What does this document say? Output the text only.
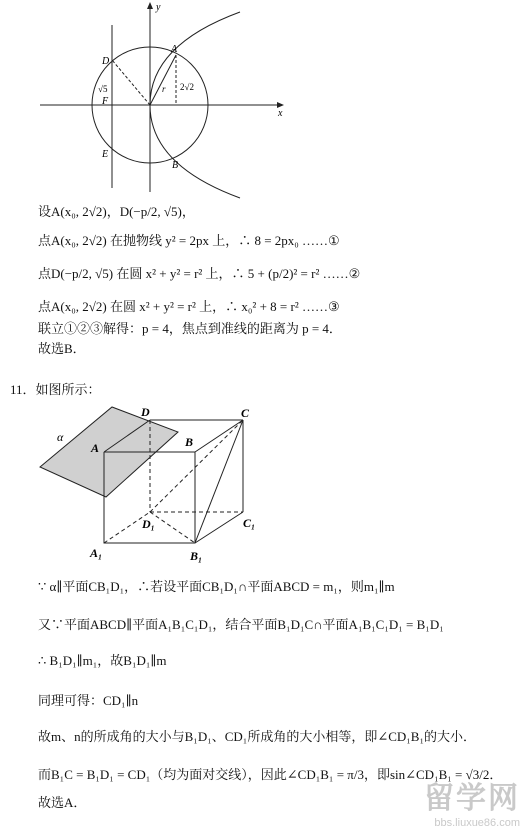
y
x
A
B
D
E
F
r
√5	2√2
设A(x₀, 2√2)，D(−p/2, √5)，
点A(x₀, 2√2) 在抛物线 y² = 2px 上，∴ 8 = 2px₀ ……①
点D(−p/2, √5) 在圆 x² + y² = r² 上，∴ 5 + (p/2)² = r² ……②
点A(x₀, 2√2) 在圆 x² + y² = r² 上，∴ x₀² + 8 = r² ……③
联立①②③解得：p = 4，焦点到准线的距离为 p = 4．
故选B．
11．如图所示：
α
A	B
C
D
A₁	B₁
C₁
D₁
∵ α∥平面CB₁D₁，∴若设平面CB₁D₁∩平面ABCD = m₁，则m₁∥m
又∵平面ABCD∥平面A₁B₁C₁D₁，结合平面B₁D₁C∩平面A₁B₁C₁D₁ = B₁D₁
∴ B₁D₁∥m₁，故B₁D₁∥m
同理可得：CD₁∥n
故m、n的所成角的大小与B₁D₁、CD₁所成角的大小相等，即∠CD₁B₁的大小．
而B₁C = B₁D₁ = CD₁（均为面对交线），因此∠CD₁B₁ = π/3，即sin∠CD₁B₁ = √3/2．
故选A．	留学网
bbs.liuxue86.com
